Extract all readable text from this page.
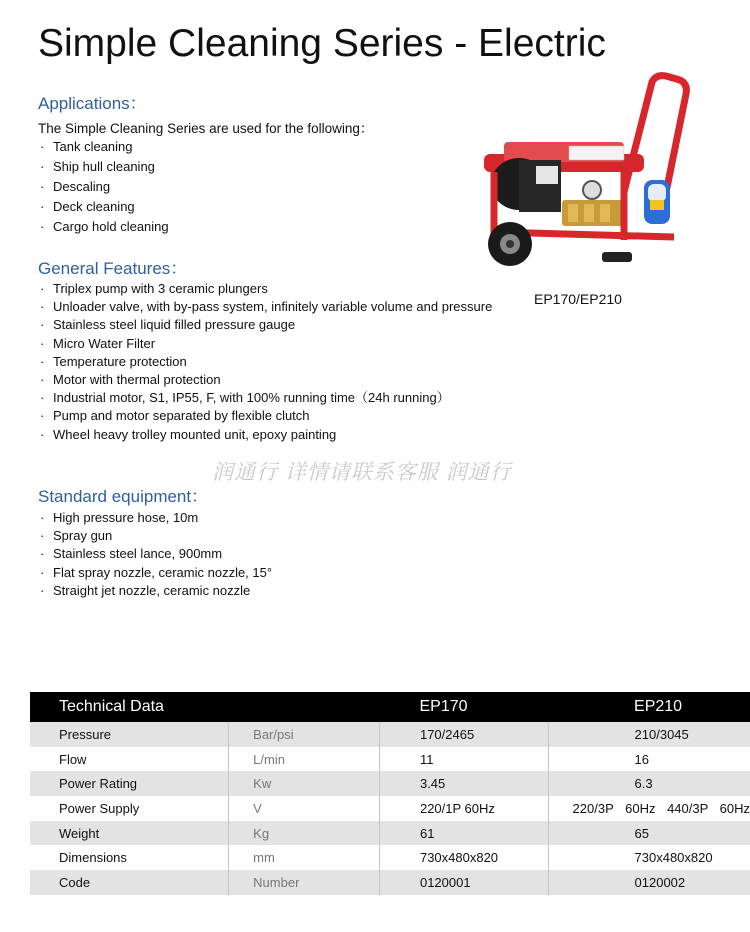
Simple Cleaning Series - Electric
Applications：
The Simple Cleaning Series are used for the following：
· Tank cleaning
· Ship hull cleaning
· Descaling
· Deck cleaning
· Cargo hold cleaning
General Features：
· Triplex pump with 3 ceramic plungers
· Unloader valve, with by-pass system, infinitely variable volume and pressure
· Stainless steel liquid filled pressure gauge
· Micro Water Filter
· Temperature protection
· Motor with thermal protection
· Industrial motor, S1, IP55, F, with 100% running time（24h running）
· Pump and motor separated by flexible clutch
· Wheel heavy trolley mounted unit, epoxy painting
EP170/EP210
润通行 详情请联系客服 润通行
Standard equipment：
· High pressure hose, 10m
· Spray gun
· Stainless steel lance, 900mm
· Flat spray nozzle, ceramic nozzle, 15°
· Straight jet nozzle, ceramic nozzle
Technical Data		EP170	EP210
Pressure	Bar/psi	170/2465	210/3045
Flow	L/min	11	16
Power Rating	Kw	3.45	6.3
Power Supply	V	220/1P 60Hz	220/3P 60Hz 440/3P 60Hz
Weight	Kg	61	65
Dimensions	mm	730x480x820	730x480x820
Code	Number	0120001	0120002
